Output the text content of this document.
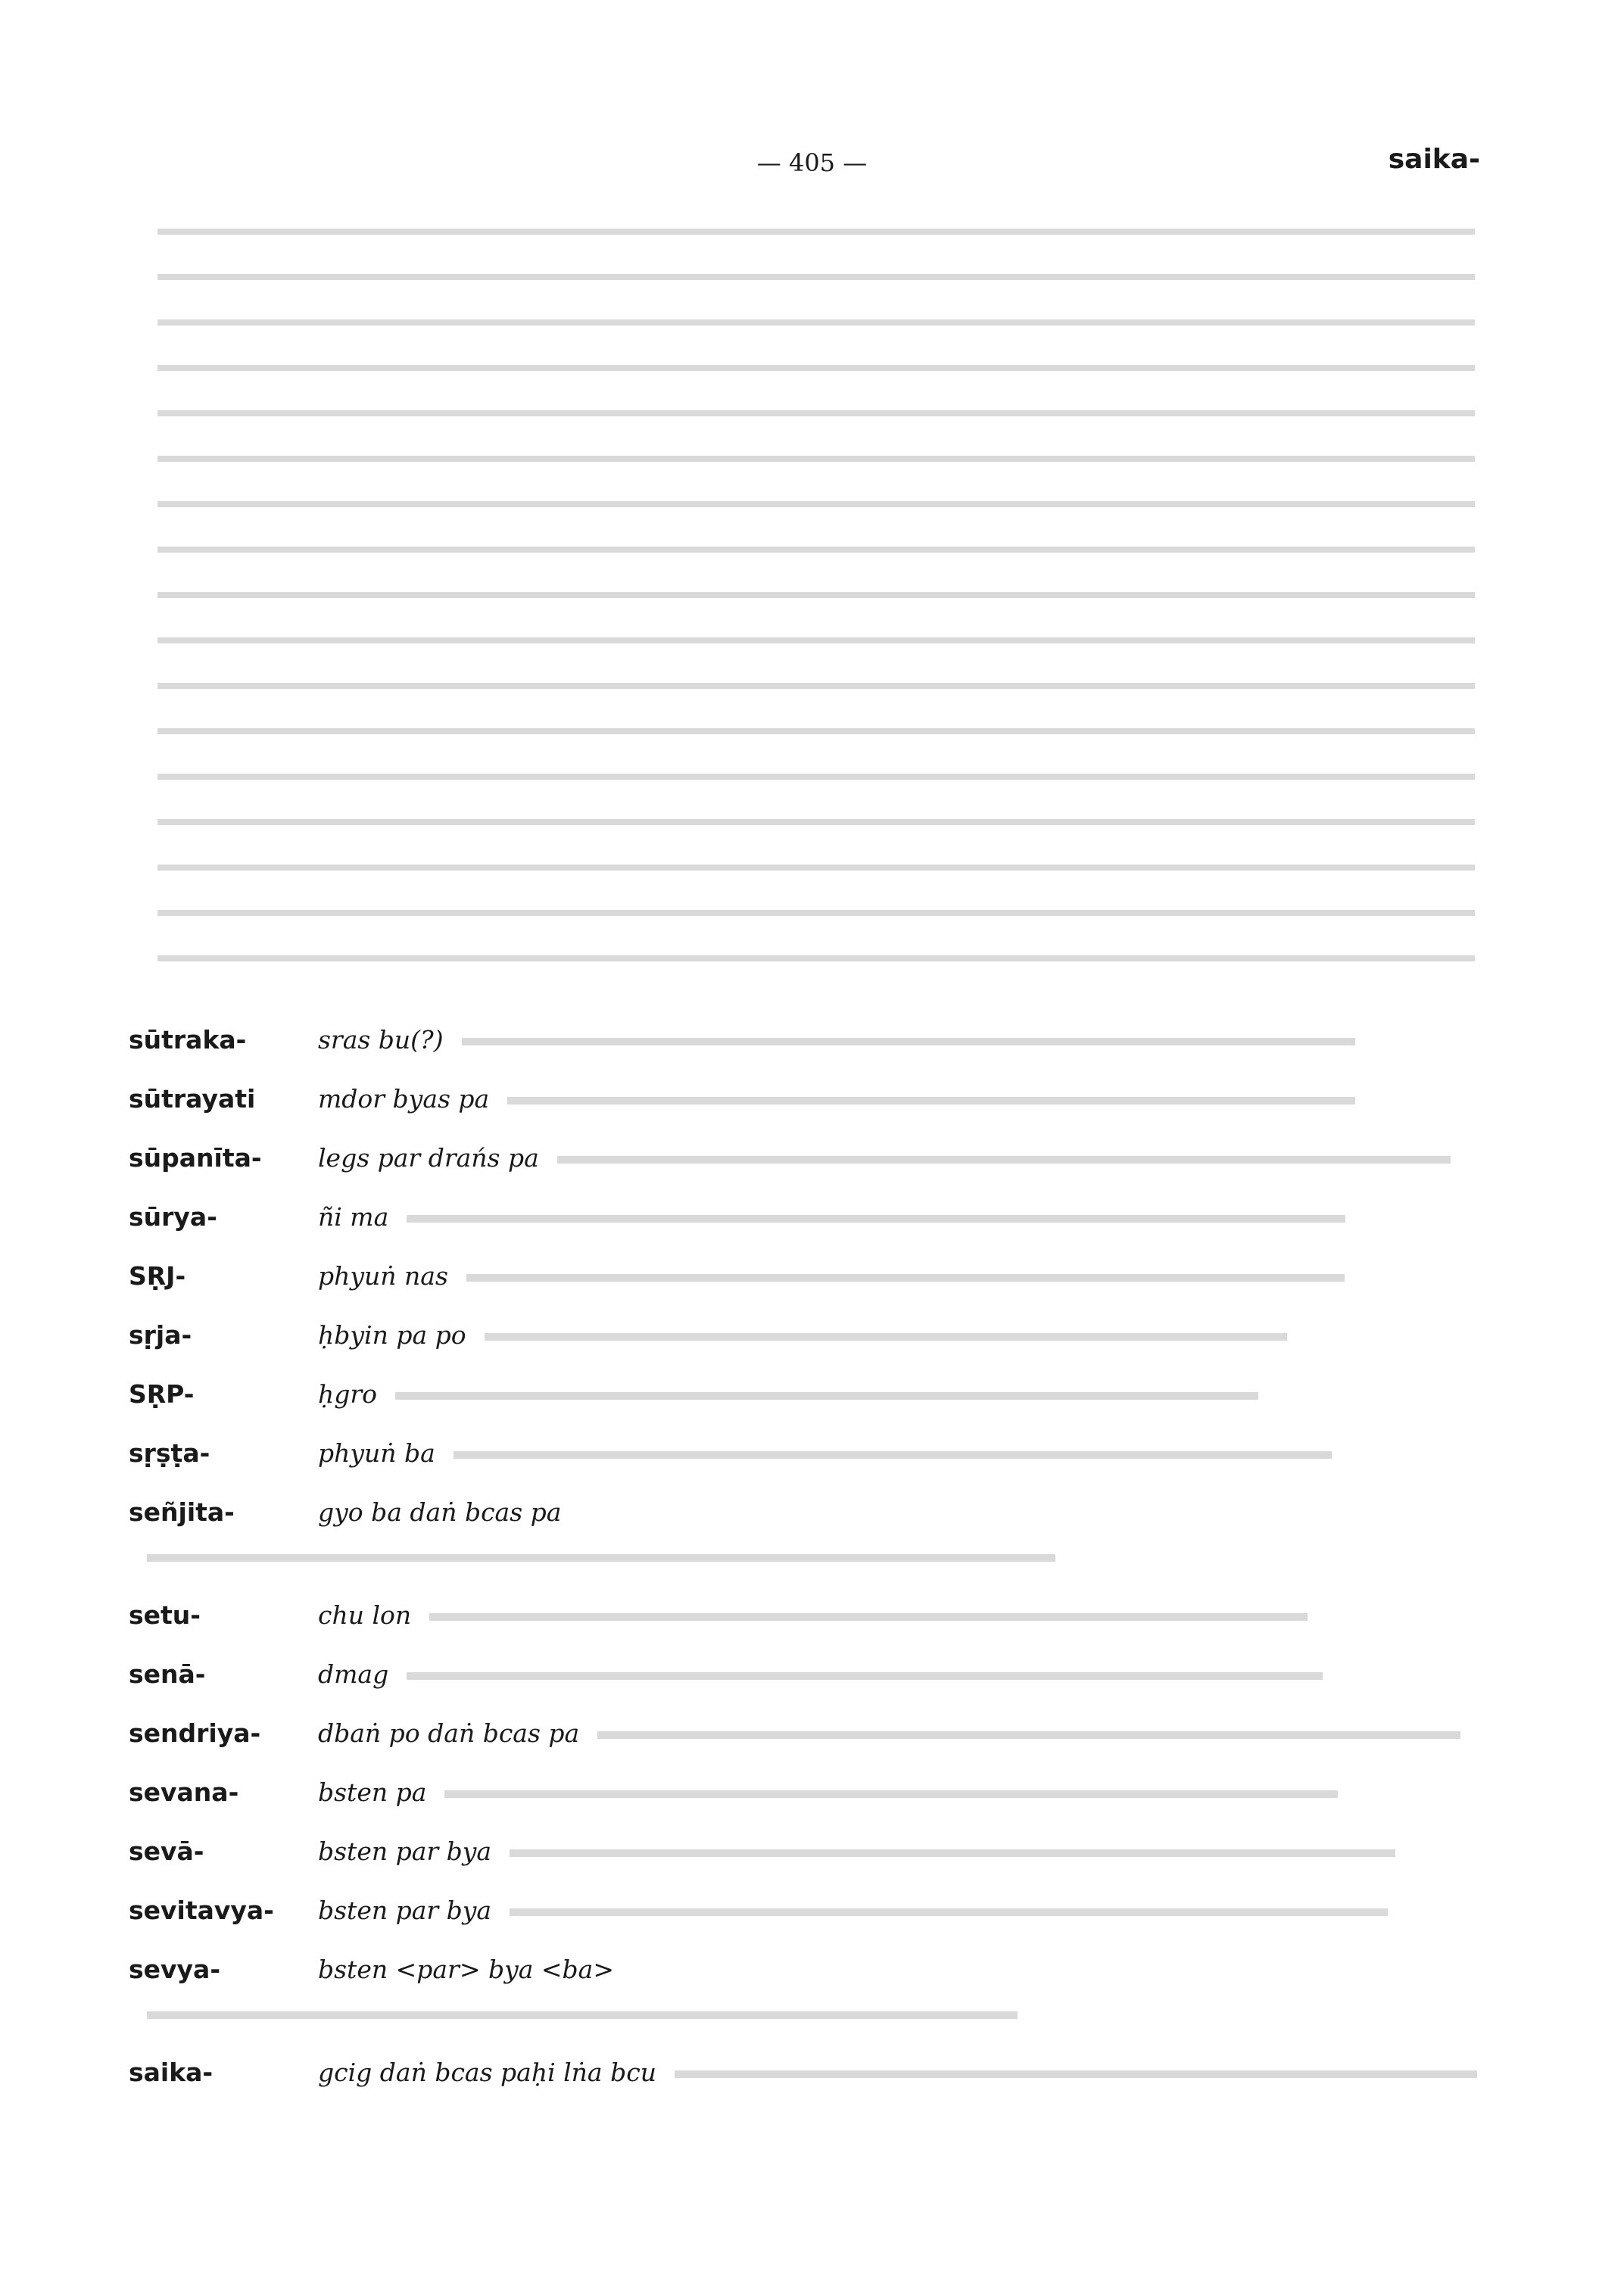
— 405 —	saika-
sūtraka-	sras bu(?)
sūtrayati	mdor byas pa
sūpanīta- legs par drańs pa
sūrya-	ñi ma
SṚJ-	phyuṅ nas
sṛja-	ḥbyin pa po
SṚP-	ḥgro
sṛṣṭa-	phyuṅ ba
señjita-	gyo ba daṅ bcas pa
setu-	chu lon
senā-	dmag
sendriya- dbaṅ po daṅ bcas pa
sevana-	bsten pa
sevā-	bsten par bya
sevitavya- bsten par bya
sevya-	bsten <par> bya <ba>
saika-	gcig daṅ bcas paḥi lṅa bcu
